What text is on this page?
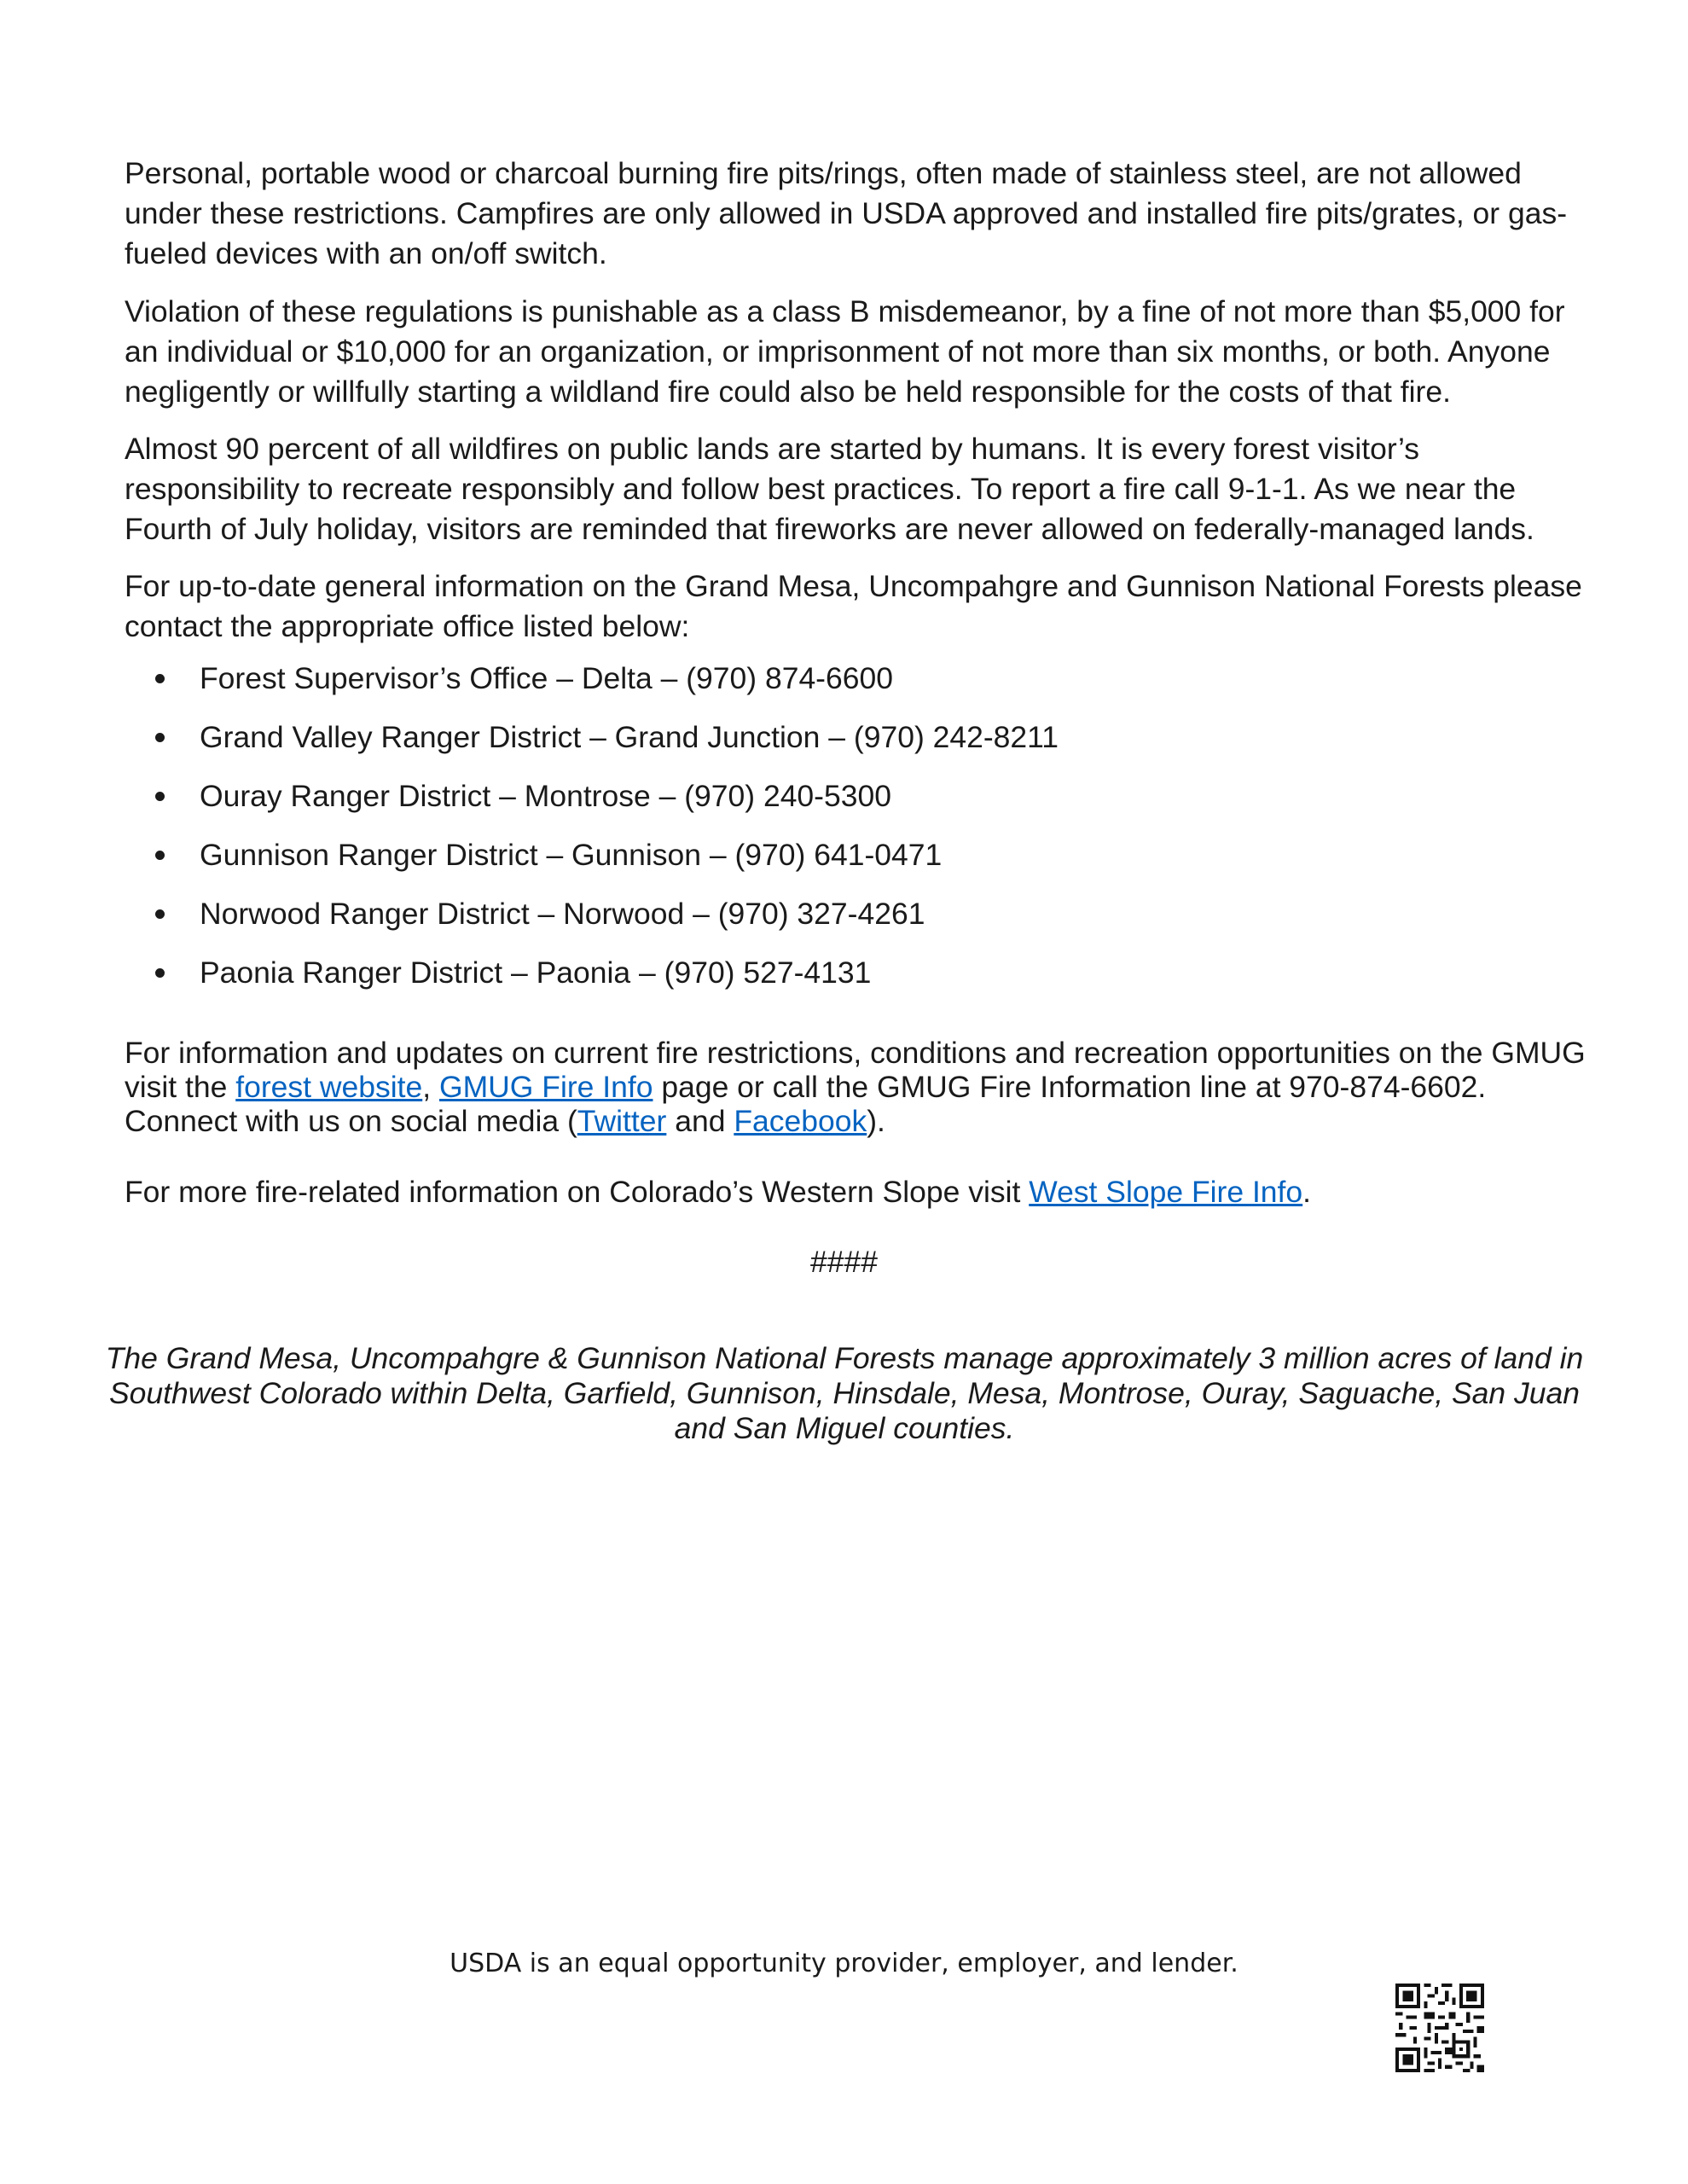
Personal, portable wood or charcoal burning fire pits/rings, often made of stainless steel, are not allowed under these restrictions. Campfires are only allowed in USDA approved and installed fire pits/grates, or gas-fueled devices with an on/off switch.

Violation of these regulations is punishable as a class B misdemeanor, by a fine of not more than $5,000 for an individual or $10,000 for an organization, or imprisonment of not more than six months, or both. Anyone negligently or willfully starting a wildland fire could also be held responsible for the costs of that fire.

Almost 90 percent of all wildfires on public lands are started by humans. It is every forest visitor’s responsibility to recreate responsibly and follow best practices. To report a fire call 9-1-1. As we near the Fourth of July holiday, visitors are reminded that fireworks are never allowed on federally-managed lands.

For up-to-date general information on the Grand Mesa, Uncompahgre and Gunnison National Forests please contact the appropriate office listed below:

Forest Supervisor’s Office – Delta – (970) 874-6600
Grand Valley Ranger District – Grand Junction – (970) 242-8211
Ouray Ranger District – Montrose – (970) 240-5300
Gunnison Ranger District – Gunnison – (970) 641-0471
Norwood Ranger District – Norwood – (970) 327-4261
Paonia Ranger District – Paonia – (970) 527-4131

For information and updates on current fire restrictions, conditions and recreation opportunities on the GMUG visit the forest website, GMUG Fire Info page or call the GMUG Fire Information line at 970-874-6602. Connect with us on social media (Twitter and Facebook).

For more fire-related information on Colorado’s Western Slope visit West Slope Fire Info.

####

The Grand Mesa, Uncompahgre & Gunnison National Forests manage approximately 3 million acres of land in Southwest Colorado within Delta, Garfield, Gunnison, Hinsdale, Mesa, Montrose, Ouray, Saguache, San Juan and San Miguel counties.

USDA is an equal opportunity provider, employer, and lender.
